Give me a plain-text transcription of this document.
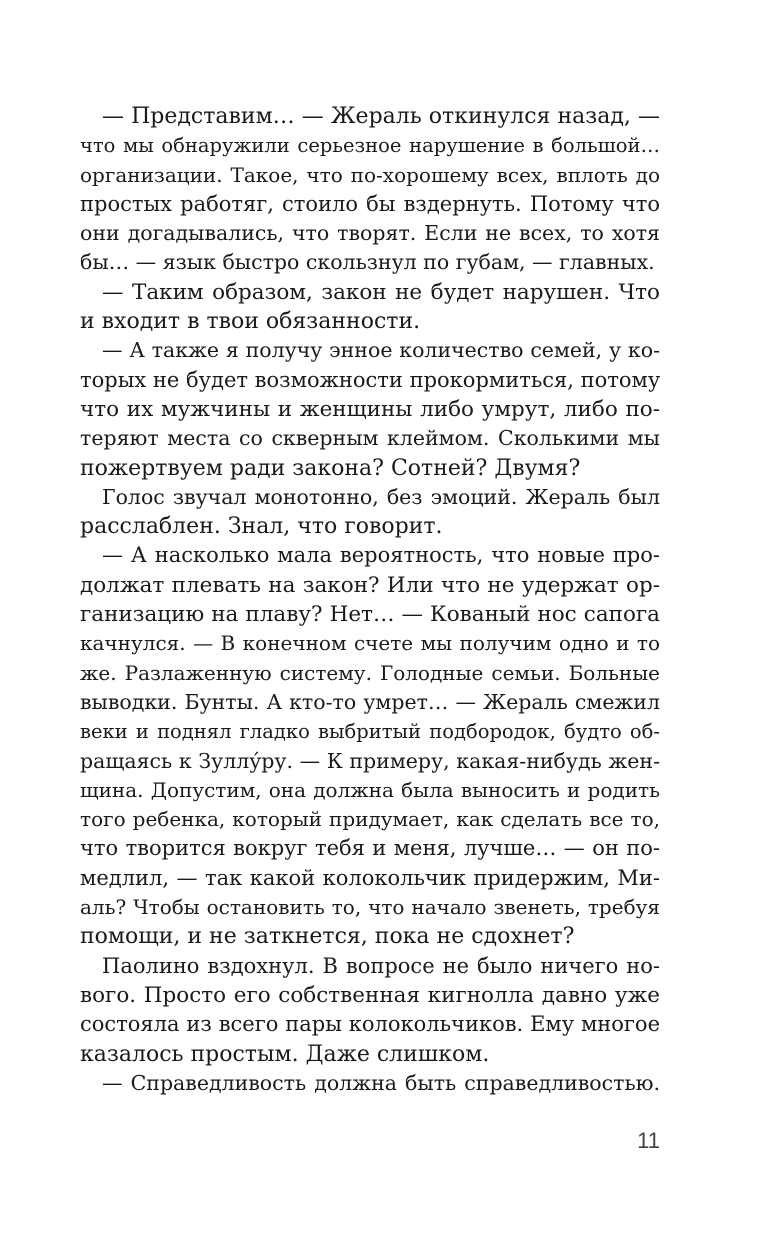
— Представим… — Жераль откинулся назад, —
что мы обнаружили серьезное нарушение в большой…
организации. Такое, что по-хорошему всех, вплоть до
простых работяг, стоило бы вздернуть. Потому что
они догадывались, что творят. Если не всех, то хотя
бы… — язык быстро скользнул по губам, — главных.
— Таким образом, закон не будет нарушен. Что
и входит в твои обязанности.
— А также я получу энное количество семей, у ко-
торых не будет возможности прокормиться, потому
что их мужчины и женщины либо умрут, либо по-
теряют места со скверным клеймом. Сколькими мы
пожертвуем ради закона? Сотней? Двумя?
Голос звучал монотонно, без эмоций. Жераль был
расслаблен. Знал, что говорит.
— А насколько мала вероятность, что новые про-
должат плевать на закон? Или что не удержат ор-
ганизацию на плаву? Нет… — Кованый нос сапога
качнулся. — В конечном счете мы получим одно и то
же. Разлаженную систему. Голодные семьи. Больные
выводки. Бунты. А кто-то умрет… — Жераль смежил
веки и поднял гладко выбритый подбородок, будто об-
ращаясь к Зуллу́ру. — К примеру, какая-нибудь жен-
щина. Допустим, она должна была выносить и родить
того ребенка, который придумает, как сделать все то,
что творится вокруг тебя и меня, лучше… — он по-
медлил, — так какой колокольчик придержим, Ми-
аль? Чтобы остановить то, что начало звенеть, требуя
помощи, и не заткнется, пока не сдохнет?
Паолино вздохнул. В вопросе не было ничего но-
вого. Просто его собственная кигнолла давно уже
состояла из всего пары колокольчиков. Ему многое
казалось простым. Даже слишком.
— Справедливость должна быть справедливостью.
11
